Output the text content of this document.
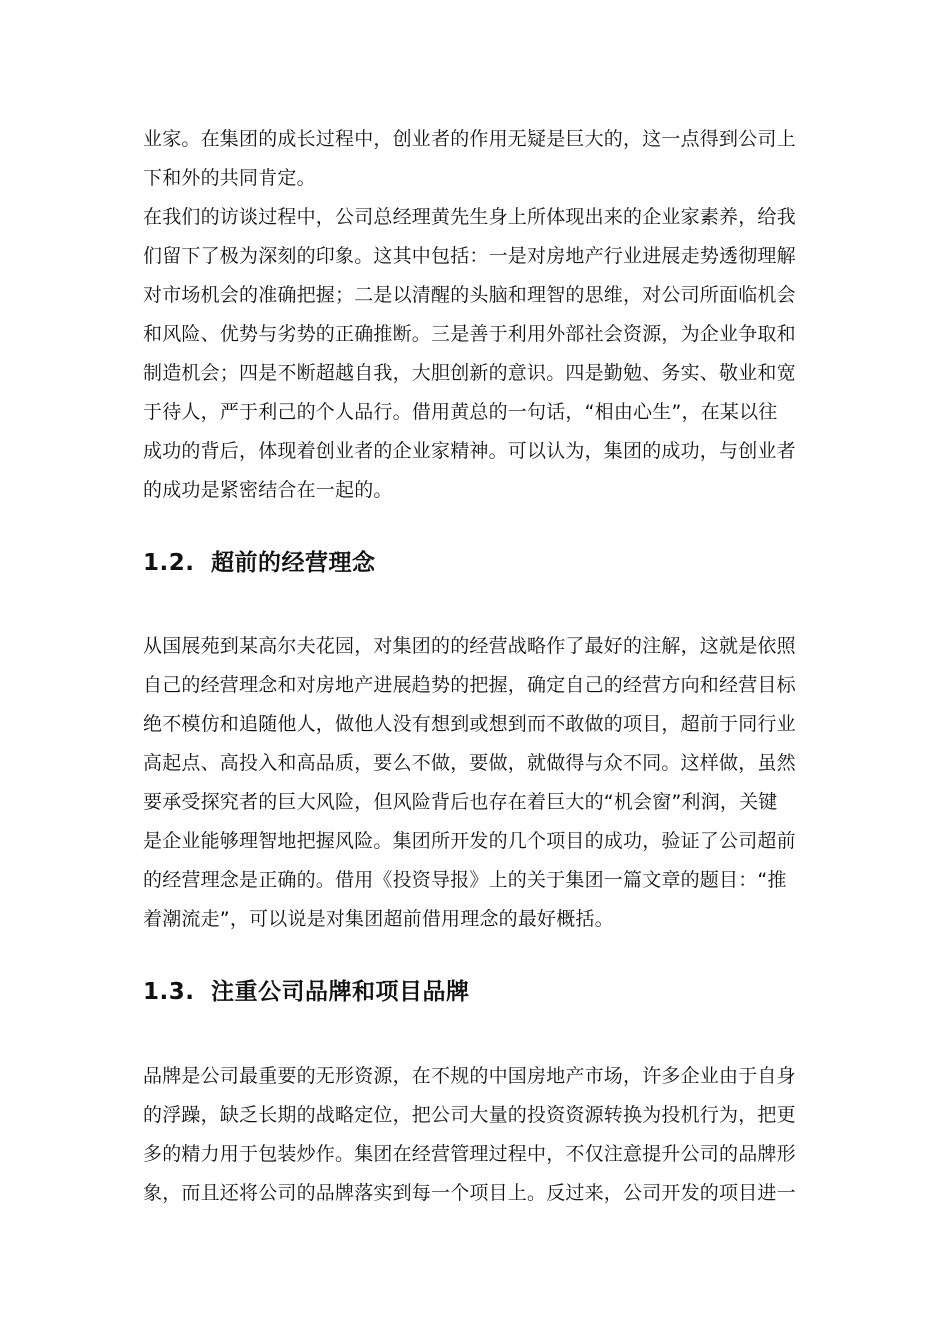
业家。在集团的成长过程中，创业者的作用无疑是巨大的，这一点得到公司上
下和外的共同肯定。
在我们的访谈过程中，公司总经理黄先生身上所体现出来的企业家素养，给我
们留下了极为深刻的印象。这其中包括：一是对房地产行业进展走势透彻理解
对市场机会的准确把握；二是以清醒的头脑和理智的思维，对公司所面临机会
和风险、优势与劣势的正确推断。三是善于利用外部社会资源，为企业争取和
制造机会；四是不断超越自我，大胆创新的意识。四是勤勉、务实、敬业和宽
于待人，严于利己的个人品行。借用黄总的一句话，“相由心生”，在某以往
成功的背后，体现着创业者的企业家精神。可以认为，集团的成功，与创业者
的成功是紧密结合在一起的。
1.2. 超前的经营理念
从国展苑到某高尔夫花园，对集团的的经营战略作了最好的注解，这就是依照
自己的经营理念和对房地产进展趋势的把握，确定自己的经营方向和经营目标
绝不模仿和追随他人，做他人没有想到或想到而不敢做的项目，超前于同行业
高起点、高投入和高品质，要么不做，要做，就做得与众不同。这样做，虽然
要承受探究者的巨大风险，但风险背后也存在着巨大的“机会窗”利润，关键
是企业能够理智地把握风险。集团所开发的几个项目的成功，验证了公司超前
的经营理念是正确的。借用《投资导报》上的关于集团一篇文章的题目：“推
着潮流走”，可以说是对集团超前借用理念的最好概括。
1.3. 注重公司品牌和项目品牌
品牌是公司最重要的无形资源，在不规的中国房地产市场，许多企业由于自身
的浮躁，缺乏长期的战略定位，把公司大量的投资资源转换为投机行为，把更
多的精力用于包装炒作。集团在经营管理过程中，不仅注意提升公司的品牌形
象，而且还将公司的品牌落实到每一个项目上。反过来，公司开发的项目进一
